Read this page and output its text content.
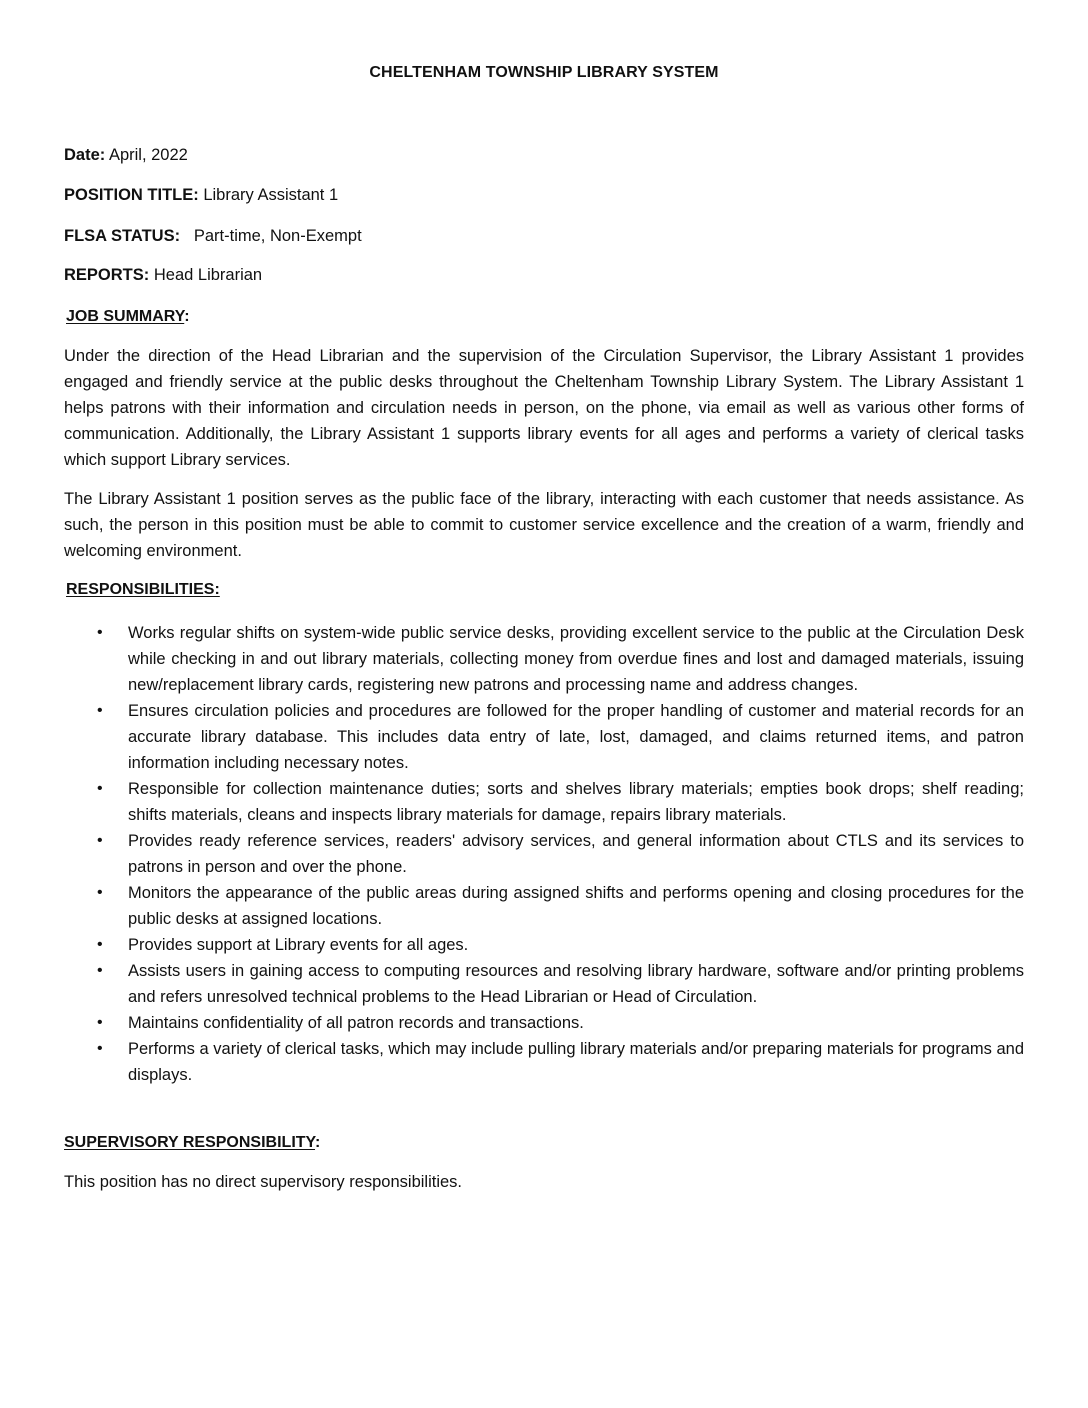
CHELTENHAM TOWNSHIP LIBRARY SYSTEM
Date: April, 2022
POSITION TITLE: Library Assistant 1
FLSA STATUS: Part-time, Non-Exempt
REPORTS: Head Librarian
JOB SUMMARY:
Under the direction of the Head Librarian and the supervision of the Circulation Supervisor, the Library Assistant 1 provides engaged and friendly service at the public desks throughout the Cheltenham Township Library System. The Library Assistant 1 helps patrons with their information and circulation needs in person, on the phone, via email as well as various other forms of communication. Additionally, the Library Assistant 1 supports library events for all ages and performs a variety of clerical tasks which support Library services.
The Library Assistant 1 position serves as the public face of the library, interacting with each customer that needs assistance. As such, the person in this position must be able to commit to customer service excellence and the creation of a warm, friendly and welcoming environment.
RESPONSIBILITIES:
• Works regular shifts on system-wide public service desks, providing excellent service to the public at the Circulation Desk while checking in and out library materials, collecting money from overdue fines and lost and damaged materials, issuing new/replacement library cards, registering new patrons and processing name and address changes.
• Ensures circulation policies and procedures are followed for the proper handling of customer and material records for an accurate library database. This includes data entry of late, lost, damaged, and claims returned items, and patron information including necessary notes.
• Responsible for collection maintenance duties; sorts and shelves library materials; empties book drops; shelf reading; shifts materials, cleans and inspects library materials for damage, repairs library materials.
• Provides ready reference services, readers' advisory services, and general information about CTLS and its services to patrons in person and over the phone.
• Monitors the appearance of the public areas during assigned shifts and performs opening and closing procedures for the public desks at assigned locations.
• Provides support at Library events for all ages.
• Assists users in gaining access to computing resources and resolving library hardware, software and/or printing problems and refers unresolved technical problems to the Head Librarian or Head of Circulation.
• Maintains confidentiality of all patron records and transactions.
• Performs a variety of clerical tasks, which may include pulling library materials and/or preparing materials for programs and displays.
SUPERVISORY RESPONSIBILITY:
This position has no direct supervisory responsibilities.
